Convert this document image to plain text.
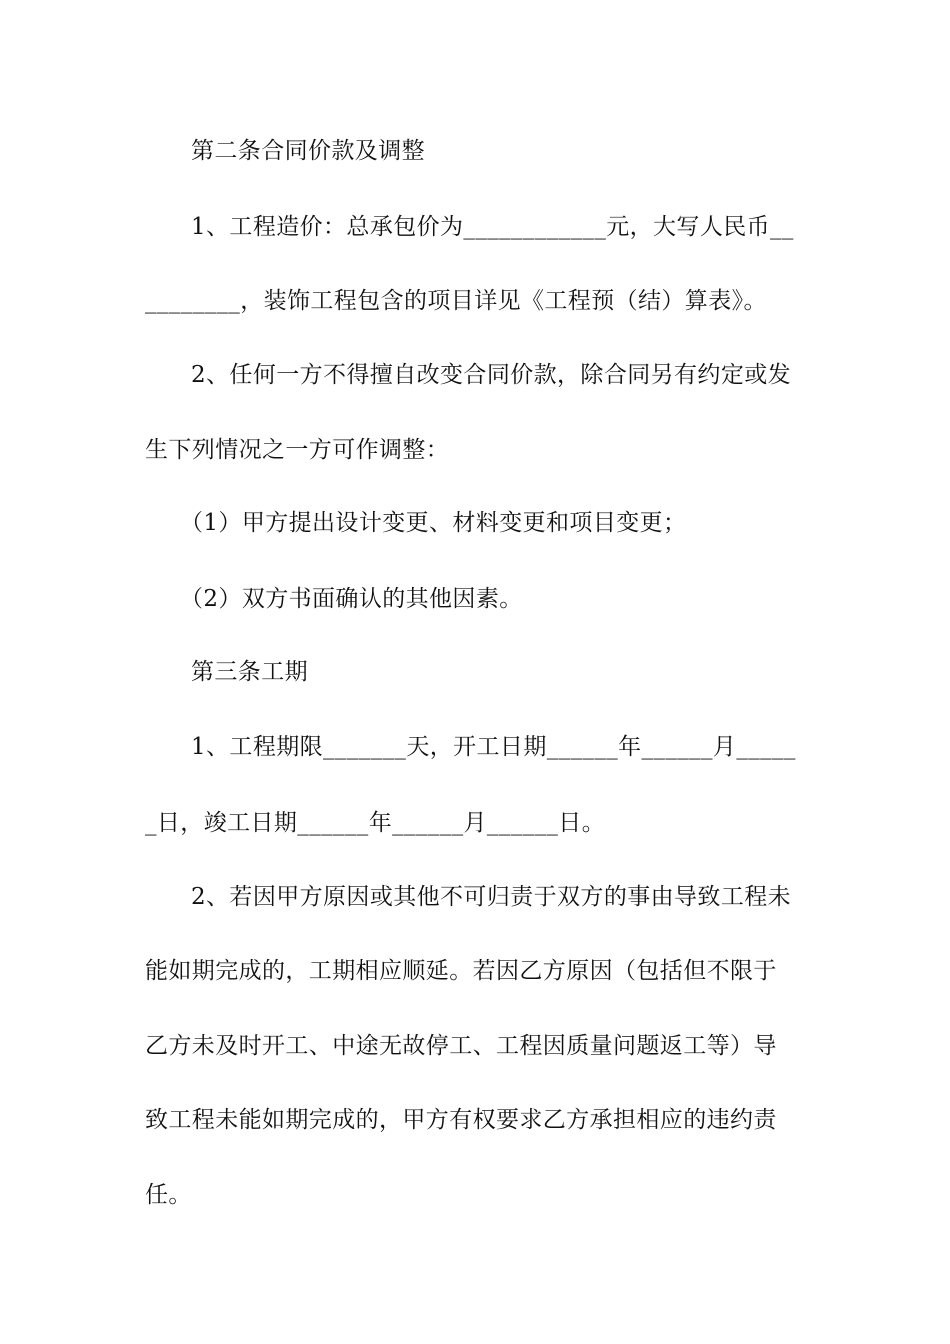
第二条合同价款及调整
1、工程造价：总承包价为____________元，大写人民币__
________，装饰工程包含的项目详见《工程预（结）算表》。
2、任何一方不得擅自改变合同价款，除合同另有约定或发
生下列情况之一方可作调整：
（1）甲方提出设计变更、材料变更和项目变更；
（2）双方书面确认的其他因素。
第三条工期
1、工程期限_______天，开工日期______年______月_____
_日，竣工日期______年______月______日。
2、若因甲方原因或其他不可归责于双方的事由导致工程未
能如期完成的，工期相应顺延。若因乙方原因（包括但不限于
乙方未及时开工、中途无故停工、工程因质量问题返工等）导
致工程未能如期完成的，甲方有权要求乙方承担相应的违约责
任。
